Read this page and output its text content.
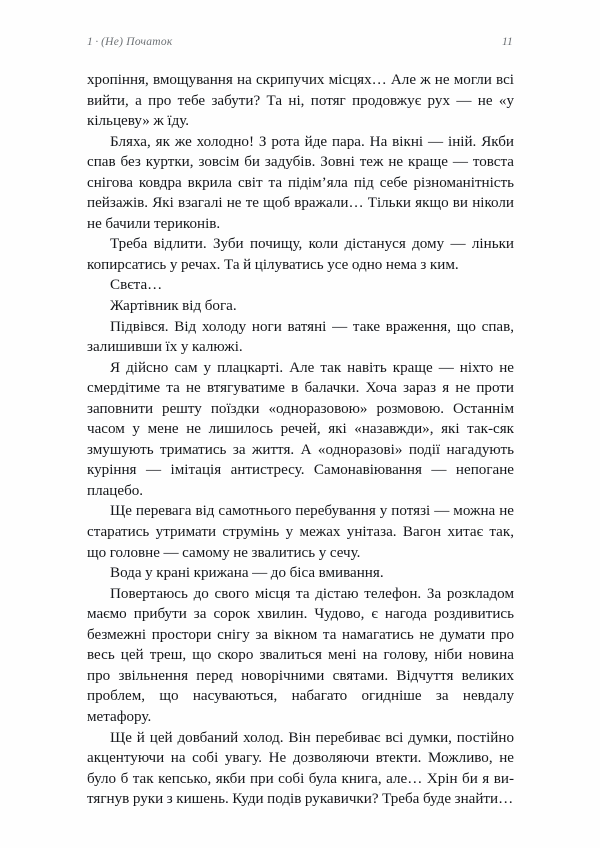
1 · (Не) Початок	11

хропіння, вмощування на скрипучих місцях… Але ж не могли всі вийти, а про тебе забути? Та ні, потяг продовжує рух — не «у кільцеву» ж їду.

Бляха, як же холодно! З рота йде пара. На вікні — іній. Якби спав без куртки, зовсім би задубів. Зовні теж не краще — товста снігова ковдра вкрила світ та підім’яла під себе різноманітність пейзажів. Які взагалі не те щоб вражали… Тільки якщо ви ніколи не бачили териконів.

Треба відлити. Зуби почищу, коли дістануся дому — ліньки копирсатись у речах. Та й цілуватись усе одно нема з ким.

Свєта…

Жартівник від бога.

Підвівся. Від холоду ноги ватяні — таке враження, що спав, залишивши їх у калюжі.

Я дійсно сам у плацкарті. Але так навіть краще — ніхто не смердітиме та не втягуватиме в балачки. Хоча зараз я не проти заповнити решту поїздки «одноразовою» розмовою. Останнім часом у мене не лишилось речей, які «назавжди», які так-сяк змушують триматись за життя. А «одноразові» події нагадують куріння — імітація антистресу. Самонавіювання — непогане плацебо.

Ще перевага від самотнього перебування у потязі — можна не старатись утримати струмінь у межах унітаза. Вагон хитає так, що головне — самому не звалитись у сечу.

Вода у крані крижана — до біса вмивання.

Повертаюсь до свого місця та дістаю телефон. За розкладом маємо прибути за сорок хвилин. Чудово, є нагода роздивитись безмежні простори снігу за вікном та намагатись не думати про весь цей треш, що скоро звалиться мені на голову, ніби новина про звільнення перед новорічними святами. Відчуття великих проблем, що насуваються, набагато огидніше за невдалу метафору.

Ще й цей довбаний холод. Він перебиває всі думки, постійно акцентуючи на собі увагу. Не дозволяючи втекти. Можливо, не було б так кепсько, якби при собі була книга, але… Хрін би я витягнув руки з кишень. Куди подів рукавички? Треба буде знайти…
